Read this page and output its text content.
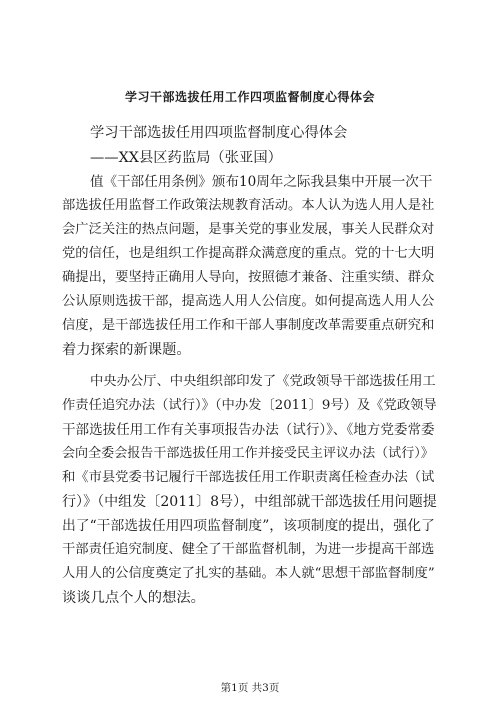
学习干部选拔任用工作四项监督制度心得体会
学习干部选拔任用四项监督制度心得体会
——XX县区药监局（张亚国）
值《干部任用条例》颁布10周年之际我县集中开展一次干
部选拔任用监督工作政策法规教育活动。本人认为选人用人是社
会广泛关注的热点问题，是事关党的事业发展，事关人民群众对
党的信任，也是组织工作提高群众满意度的重点。党的十七大明
确提出，要坚持正确用人导向，按照德才兼备、注重实绩、群众
公认原则选拔干部，提高选人用人公信度。如何提高选人用人公
信度，是干部选拔任用工作和干部人事制度改革需要重点研究和
着力探索的新课题。
中央办公厅、中央组织部印发了《党政领导干部选拔任用工
作责任追究办法（试行）》（中办发〔2011〕9号）及《党政领导
干部选拔任用工作有关事项报告办法（试行）》、《地方党委常委
会向全委会报告干部选拔任用工作并接受民主评议办法（试行）》
和《市县党委书记履行干部选拔任用工作职责离任检查办法（试
行）》（中组发〔2011〕8号），中组部就干部选拔任用问题提
出了“干部选拔任用四项监督制度”，该项制度的提出，强化了
干部责任追究制度、健全了干部监督机制，为进一步提高干部选
人用人的公信度奠定了扎实的基础。本人就“思想干部监督制度”
谈谈几点个人的想法。
第1页 共3页
